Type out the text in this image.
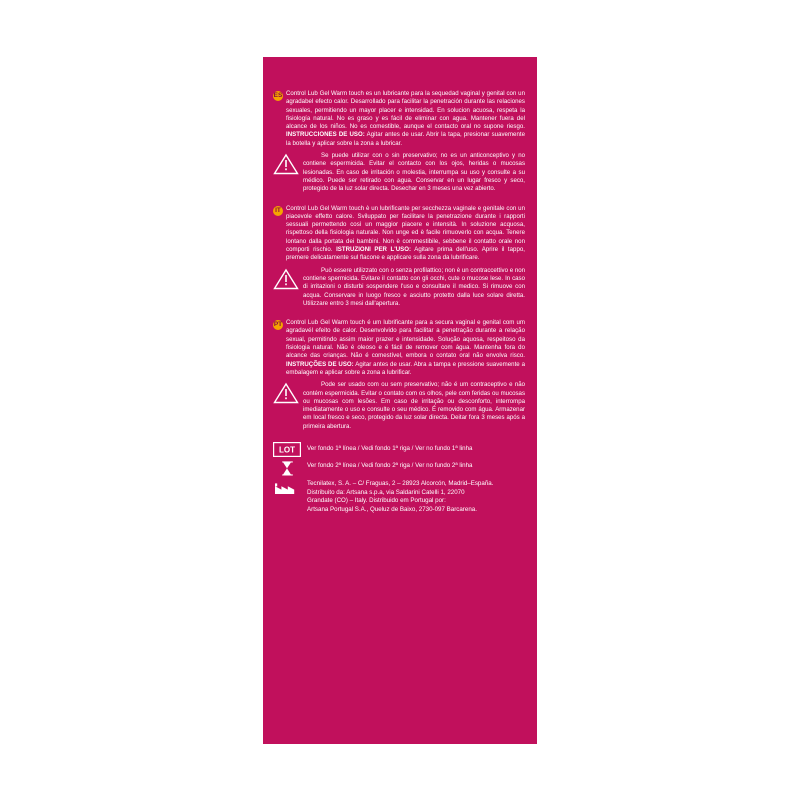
ES Control Lub Gel Warm touch es un lubricante para la sequedad vaginal y genital con un agradabel efecto calor. Desarrollado para facilitar la penetración durante las relaciones sexuales, permitiendo un mayor placer e intensidad. En solucion acuosa, respeta la fisiología natural. No es graso y es fácil de eliminar con agua. Mantener fuera del alcance de los niños. No es comestible, aunque el contacto oral no supone riesgo. INSTRUCCIONES DE USO: Agitar antes de usar. Abrir la tapa, presionar suavemente la botella y aplicar sobre la zona a lubricar.
Se puede utilizar con o sin preservativo; no es un anticonceptivo y no contiene espermicida. Evitar el contacto con los ojos, heridas o mucosas lesionadas. En caso de irritación o molestia, interrumpa su uso y consulte a su médico. Puede ser retirado con agua. Conservar en un lugar fresco y seco, protegido de la luz solar directa. Desechar en 3 meses una vez abierto.
IT Control Lub Gel Warm touch è un lubrificante per secchezza vaginale e genitale con un piacevole effetto calore. Sviluppato per facilitare la penetrazione durante i rapporti sessuali permettendo così un maggior piacere e intensità. In soluzione acquosa, rispettoso della fisiologia naturale. Non unge ed è facile rimuoverlo con acqua. Tenere lontano dalla portata dei bambini. Non è commestibile, sebbene il contatto orale non comporti rischio. ISTRUZIONI PER L'USO: Agitare prima dell'uso. Aprire il tappo, premere delicatamente sul flacone e applicare sulla zona da lubrificare.
Può essere utilizzato con o senza profilattico; non è un contraccettivo e non contiene spermicida. Evitare il contatto con gli occhi, cute o mucose lese. In caso di irritazioni o disturbi sospendere l'uso e consultare il medico. Si rimuove con acqua. Conservare in luogo fresco e asciutto protetto dalla luce solare diretta. Utilizzare entro 3 mesi dall'apertura.
PT Control Lub Gel Warm touch é um lubrificante para a secura vaginal e genital com um agradavél efeito de calor. Desenvolvido para facilitar a penetração durante a relação sexual, permitindo assim maior prazer e intensidade. Solução aquosa, respeitoso da fisiologia natural. Não é oleoso e é fácil de remover com água. Mantenha fora do alcance das crianças. Não é comestível, embora o contato oral não envolva risco. INSTRUÇÕES DE USO: Agitar antes de usar. Abra a tampa e pressione suavemente a embalagem e aplicar sobre a zona a lubrificar.
Pode ser usado com ou sem preservativo; não é um contraceptivo e não contém espermicida. Evitar o contato com os olhos, pele com feridas ou mucosas ou mucosas com lesões. Em caso de irritação ou desconforto, interrompa imediatamente o uso e consulte o seu médico. É removido com água. Armazenar em local fresco e seco, protegido da luz solar directa. Deitar fora 3 meses após a primeira abertura.
LOT Ver fondo 1ª línea / Vedi fondo 1ª riga / Ver no fundo 1ª linha
Ver fondo 2ª línea / Vedi fondo 2ª riga / Ver no fundo 2ª linha
Tecnilatex, S. A. – C/ Fraguas, 2 – 28923 Alcorcón, Madrid–España.
Distribuito da: Artsana s.p.a, via Saldarini Catelli 1, 22070
Grandate (CO) – Italy. Distribuido em Portugal por:
Artsana Portugal S.A., Queluz de Baixo, 2730-097 Barcarena.
